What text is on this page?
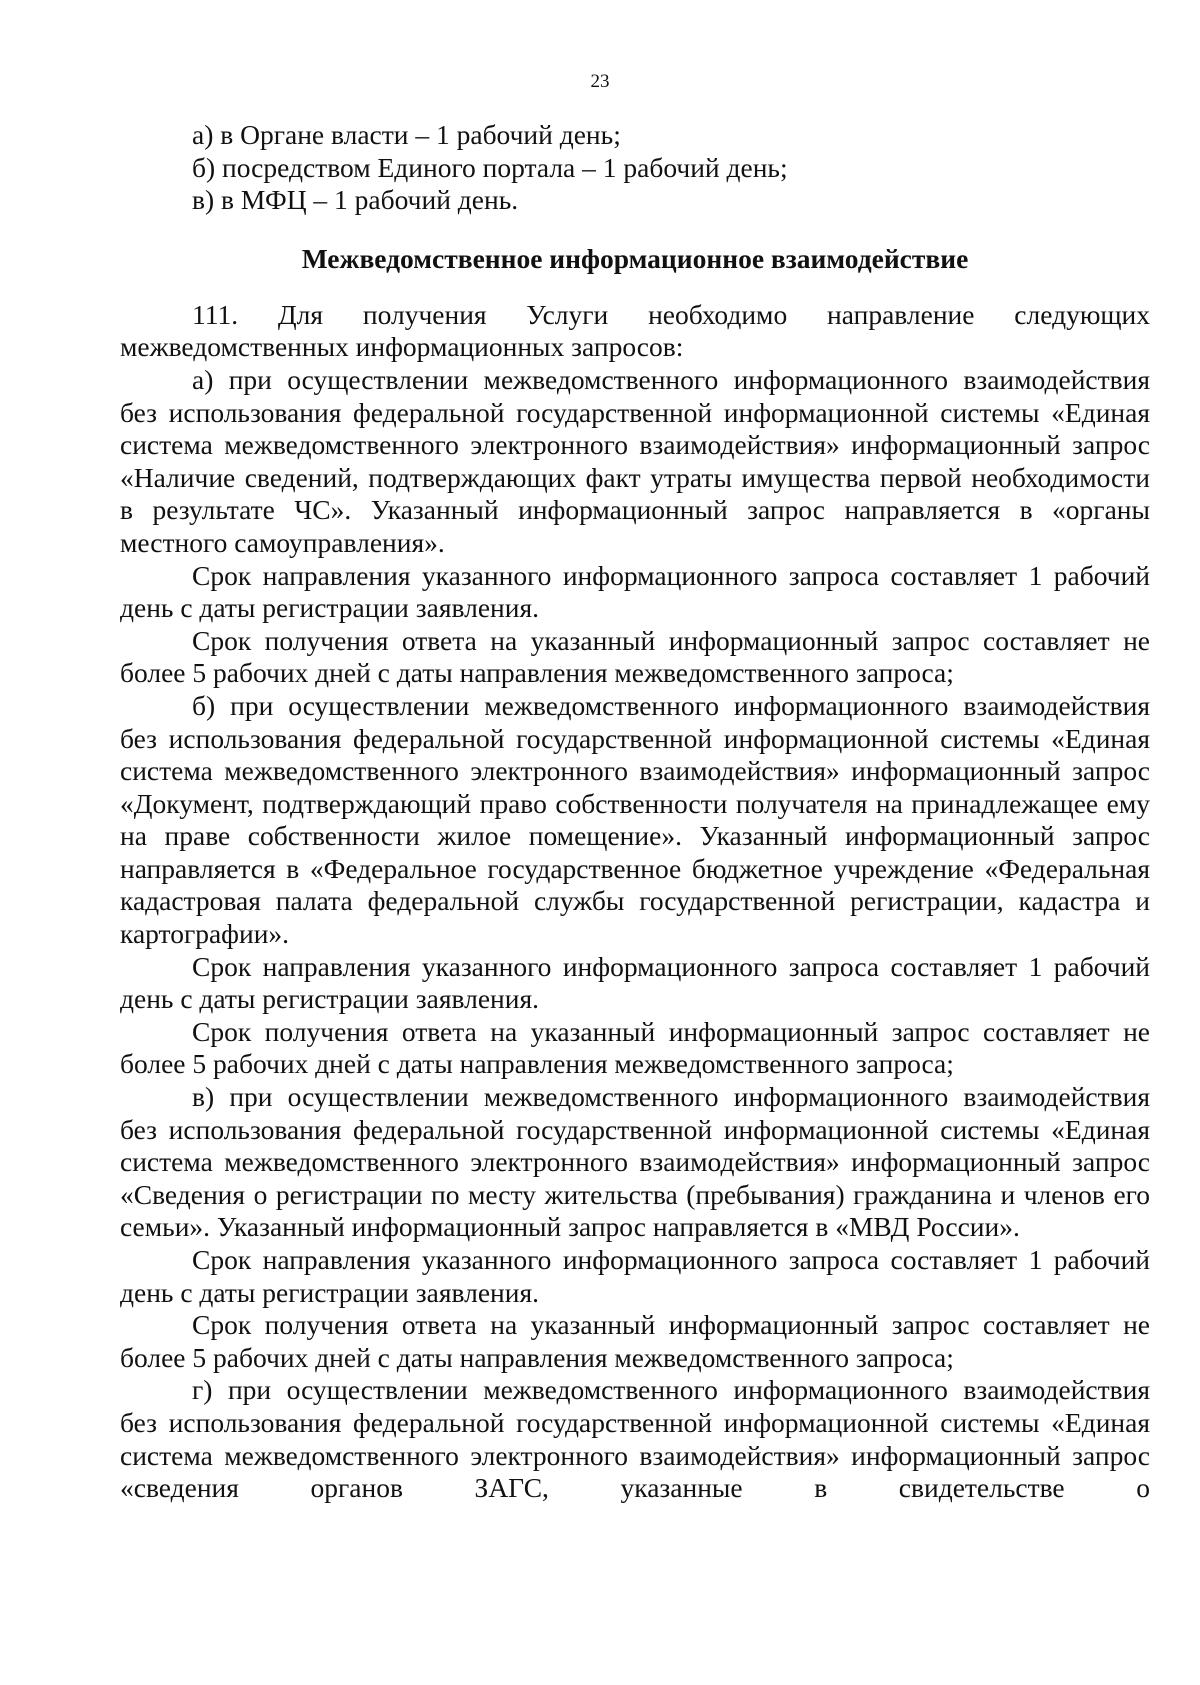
23

а) в Органе власти – 1 рабочий день;

б) посредством Единого портала – 1 рабочий день;

в) в МФЦ – 1 рабочий день.

Межведомственное информационное взаимодействие

111. Для получения Услуги необходимо направление следующих межведомственных информационных запросов:

а) при осуществлении межведомственного информационного взаимодействия без использования федеральной государственной информационной системы «Единая система межведомственного электронного взаимодействия» информационный запрос «Наличие сведений, подтверждающих факт утраты имущества первой необходимости в результате ЧС». Указанный информационный запрос направляется в «органы местного самоуправления».

Срок направления указанного информационного запроса составляет 1 рабочий день с даты регистрации заявления.

Срок получения ответа на указанный информационный запрос составляет не более 5 рабочих дней с даты направления межведомственного запроса;

б) при осуществлении межведомственного информационного взаимодействия без использования федеральной государственной информационной системы «Единая система межведомственного электронного взаимодействия» информационный запрос «Документ, подтверждающий право собственности получателя на принадлежащее ему на праве собственности жилое помещение». Указанный информационный запрос направляется в «Федеральное государственное бюджетное учреждение «Федеральная кадастровая палата федеральной службы государственной регистрации, кадастра и картографии».

Срок направления указанного информационного запроса составляет 1 рабочий день с даты регистрации заявления.

Срок получения ответа на указанный информационный запрос составляет не более 5 рабочих дней с даты направления межведомственного запроса;

в) при осуществлении межведомственного информационного взаимодействия без использования федеральной государственной информационной системы «Единая система межведомственного электронного взаимодействия» информационный запрос «Сведения о регистрации по месту жительства (пребывания) гражданина и членов его семьи». Указанный информационный запрос направляется в «МВД России».

Срок направления указанного информационного запроса составляет 1 рабочий день с даты регистрации заявления.

Срок получения ответа на указанный информационный запрос составляет не более 5 рабочих дней с даты направления межведомственного запроса;

г) при осуществлении межведомственного информационного взаимодействия без использования федеральной государственной информационной системы «Единая система межведомственного электронного взаимодействия» информационный запрос «сведения органов ЗАГС, указанные в свидетельстве о
